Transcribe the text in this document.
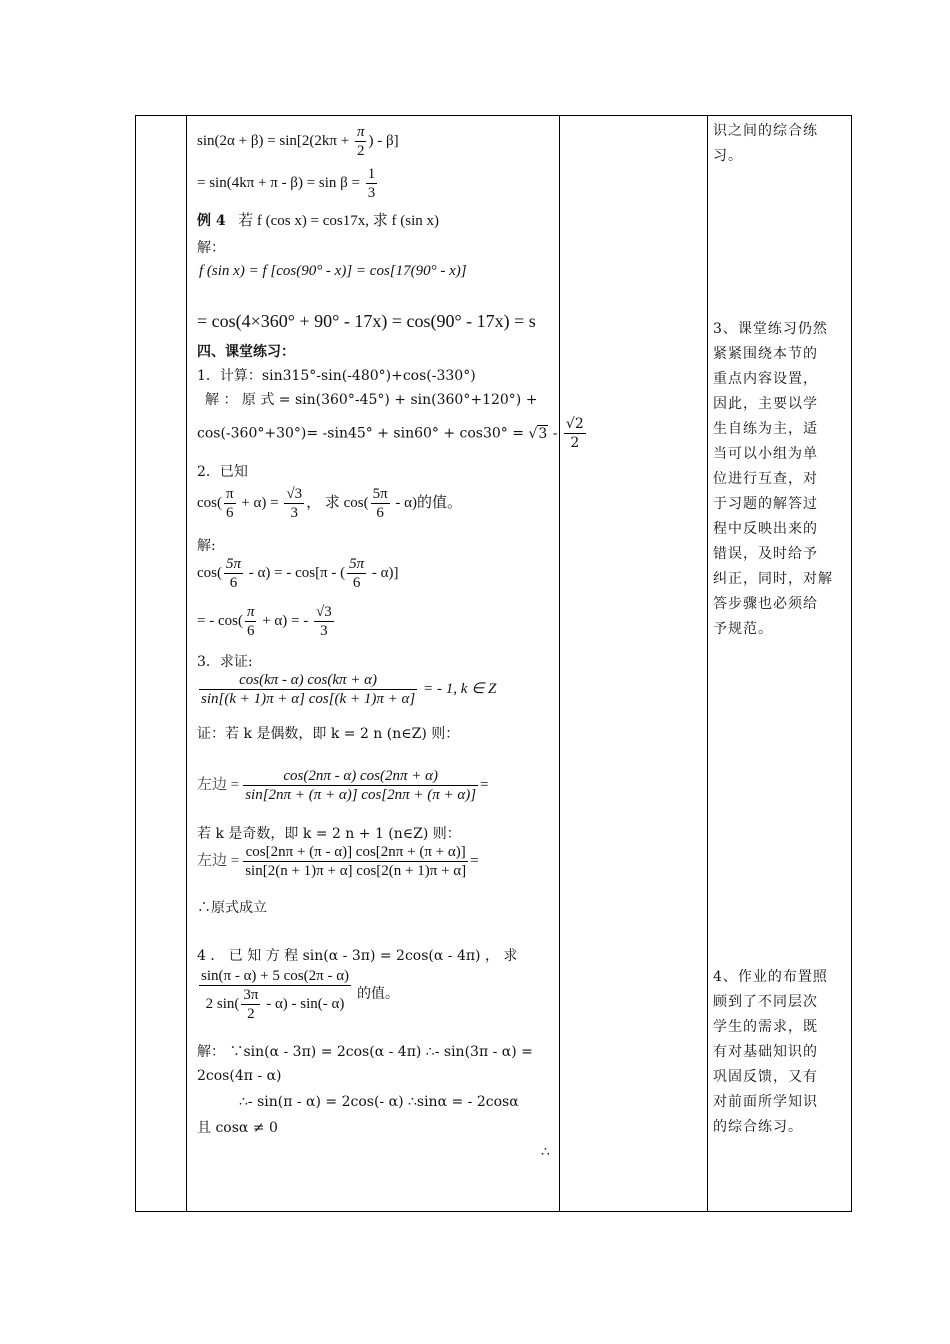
$\sin(2\alpha + \beta) = \sin[2(2k\pi + \frac{\pi}{2}$ ) - β]
= $\sin(4k\pi + \pi - \beta) = \sin \beta = \frac{1}{3}$
例 4 若 f (cos x) = cos17x, 求 f (sin x)
解：
f (sin x) = f [cos(90° - x)] = cos[17(90° - x)]
= cos(4×360° + 90° - 17x) = cos(90° - 17x) = s
四、课堂练习：
1．计算：sin315°-sin(-480°)+cos(-330°)
解 ： 原 式 = sin(360°-45°) + sin(360°+120°) +
$\cos(-360^\circ+30^\circ)= -\sin 45^\circ + \sin 60^\circ + \cos 30^\circ = √3 - \frac{√2}{2}$
2．已知
$\cos( \frac{\pi}{6} + \alpha) = \frac{√3}{3}$ ， 求 $\cos( \frac{5\pi}{6} - \alpha)$的值。
解:
$\cos( \frac{5\pi}{6} - \alpha)$ = - cos[π - ( $\frac{5\pi}{6} - \alpha$)]
= - $\cos( \frac{\pi}{6} + \alpha)$ = - $\frac{√3}{3}$
3．求证:
$\frac{\cos(k\pi - \alpha) \cos(k\pi + \alpha)}{\sin[(k + 1)\pi + \alpha] \cos[(k + 1)\pi + \alpha]}$ = - 1, k ∈ Z
证：若 k 是偶数，即 k = 2 n (n∈Z) 则：
左边 = $\frac{\cos(2n\pi - \alpha) \cos(2n\pi + \alpha)}{\sin[2n\pi + (\pi + \alpha)] \cos[2n\pi + (\pi + \alpha)]}$ =
若 k 是奇数，即 k = 2 n + 1 (n∈Z) 则：
左边 = $\frac{\cos[2n\pi + (\pi - \alpha)] \cos[2n\pi + (\pi + \alpha)]}{\sin[2(n + 1)\pi + \alpha] \cos[2(n + 1)\pi + \alpha]}$ =
∴原式成立
4 ． 已 知 方 程 sin(α - 3π) = 2cos(α - 4π) ， 求
$\frac{\sin(\pi - \alpha) + 5 \cos(2\pi - \alpha)}{2 \sin( \frac{3\pi}{2} - \alpha) - \sin(- \alpha)}$ 的值。
解： ∵sin(α - 3π) = 2cos(α - 4π) ∴- sin(3π - α) =
2cos(4π - α)
∴- sin(π - α) = 2cos(- α) ∴sinα = - 2cosα
且 cosα ≠ 0
∴
识之间的综合练
习。
3、课堂练习仍然
紧紧围绕本节的
重点内容设置，
因此，主要以学
生自练为主，适
当可以小组为单
位进行互查，对
于习题的解答过
程中反映出来的
错误，及时给予
纠正，同时，对解
答步骤也必须给
予规范。
4、作业的布置照
顾到了不同层次
学生的需求，既
有对基础知识的
巩固反馈，又有
对前面所学知识
的综合练习。
